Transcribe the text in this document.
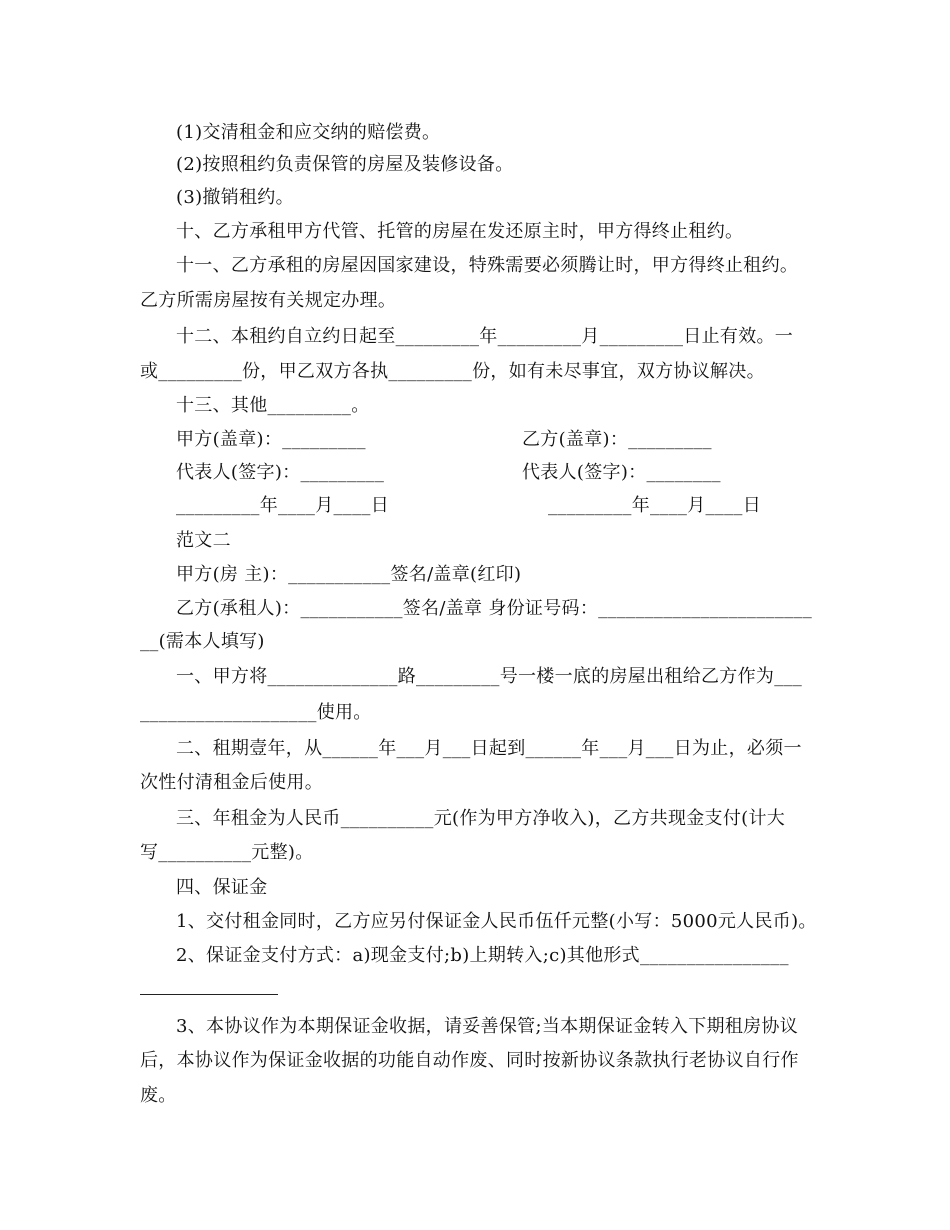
(1)交清租金和应交纳的赔偿费。
(2)按照租约负责保管的房屋及装修设备。
(3)撤销租约。
十、乙方承租甲方代管、托管的房屋在发还原主时，甲方得终止租约。
十一、乙方承租的房屋因国家建设，特殊需要必须腾让时，甲方得终止租约。
乙方所需房屋按有关规定办理。
十二、本租约自立约日起至_________年_________月_________日止有效。一
或_________份，甲乙双方各执_________份，如有未尽事宜，双方协议解决。
十三、其他_________。
甲方(盖章)：_________	乙方(盖章)：_________
代表人(签字)：_________	代表人(签字)：________
_________年____月____日	_________年____月____日
范文二
甲方(房 主)：___________签名/盖章(红印)
乙方(承租人)：___________签名/盖章 身份证号码：_______________________
__(需本人填写)
一、甲方将______________路_________号一楼一底的房屋出租给乙方作为___
___________________使用。
二、租期壹年，从______年___月___日起到______年___月___日为止，必须一
次性付清租金后使用。
三、年租金为人民币__________元(作为甲方净收入)，乙方共现金支付(计大
写__________元整)。
四、保证金
1、交付租金同时，乙方应另付保证金人民币伍仟元整(小写：5000元人民币)。
2、保证金支付方式：a)现金支付;b)上期转入;c)其他形式________________
3、本协议作为本期保证金收据，请妥善保管;当本期保证金转入下期租房协议
后，本协议作为保证金收据的功能自动作废、同时按新协议条款执行老协议自行作
废。
